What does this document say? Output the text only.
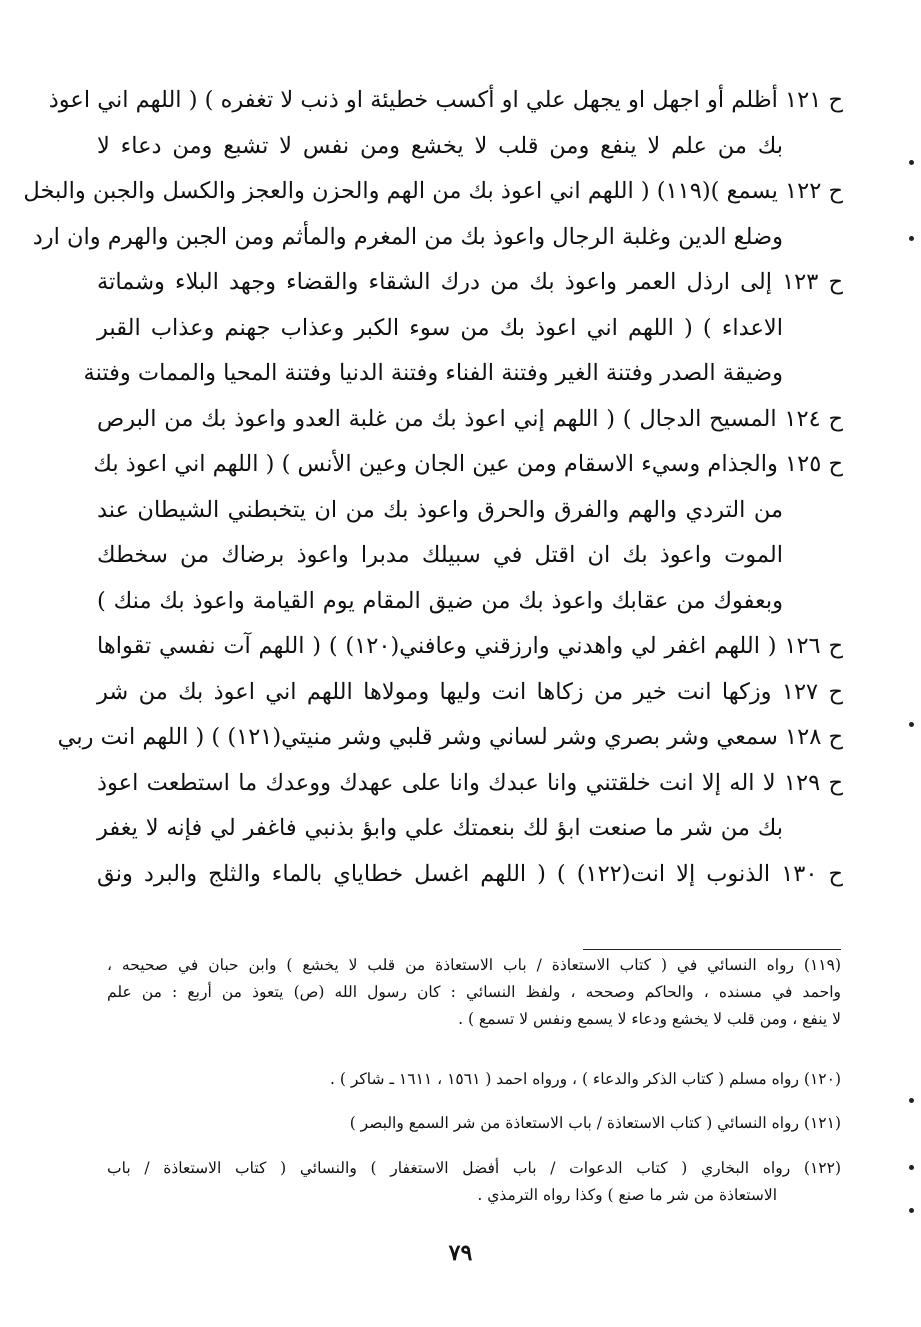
ح ١٢١ أظلم أو اجهل او يجهل علي او أكسب خطيئة او ذنب لا تغفره ) ( اللهم اني اعوذ
بك من علم لا ينفع ومن قلب لا يخشع ومن نفس لا تشبع ومن دعاء لا
ح ١٢٢ يسمع )(١١٩) ( اللهم اني اعوذ بك من الهم والحزن والعجز والكسل والجبن والبخل
وضلع الدين وغلبة الرجال واعوذ بك من المغرم والمأثم ومن الجبن والهرم وان ارد
ح ١٢٣ إلى ارذل العمر واعوذ بك من درك الشقاء والقضاء وجهد البلاء وشماتة
الاعداء ) ( اللهم اني اعوذ بك من سوء الكبر وعذاب جهنم وعذاب القبر
وضيقة الصدر وفتنة الغير وفتنة الفناء وفتنة الدنيا وفتنة المحيا والممات وفتنة
ح ١٢٤ المسيح الدجال ) ( اللهم إني اعوذ بك من غلبة العدو واعوذ بك من البرص
ح ١٢٥ والجذام وسيء الاسقام ومن عين الجان وعين الأنس ) ( اللهم اني اعوذ بك
من التردي والهم والفرق والحرق واعوذ بك من ان يتخبطني الشيطان عند
الموت واعوذ بك ان اقتل في سبيلك مدبرا واعوذ برضاك من سخطك
وبعفوك من عقابك واعوذ بك من ضيق المقام يوم القيامة واعوذ بك منك )
ح ١٢٦ ( اللهم اغفر لي واهدني وارزقني وعافني(١٢٠) ) ( اللهم آت نفسي تقواها
ح ١٢٧ وزكها انت خير من زكاها انت وليها ومولاها اللهم اني اعوذ بك من شر
ح ١٢٨ سمعي وشر بصري وشر لساني وشر قلبي وشر منيتي(١٢١) ) ( اللهم انت ربي
ح ١٢٩ لا اله إلا انت خلقتني وانا عبدك وانا على عهدك ووعدك ما استطعت اعوذ
بك من شر ما صنعت ابؤ لك بنعمتك علي وابؤ بذنبي فاغفر لي فإنه لا يغفر
ح ١٣٠ الذنوب إلا انت(١٢٢) ) ( اللهم اغسل خطاياي بالماء والثلج والبرد ونق
(١١٩) رواه النسائي في ( كتاب الاستعاذة / باب الاستعاذة من قلب لا يخشع ) وابن حبان في صحيحه ،
واحمد في مسنده ، والحاكم وصححه ، ولفظ النسائي : كان رسول الله (ص) يتعوذ من أربع : من علم
لا ينفع ، ومن قلب لا يخشع ودعاء لا يسمع ونفس لا تسمع ) .
(١٢٠) رواه مسلم ( كتاب الذكر والدعاء ) ، ورواه احمد ( ١٥٦١ ، ١٦١١ ـ شاكر ) .
(١٢١) رواه النسائي ( كتاب الاستعاذة / باب الاستعاذة من شر السمع والبصر )
(١٢٢) رواه البخاري ( كتاب الدعوات / باب أفضل الاستغفار ) والنسائي ( كتاب الاستعاذة / باب
الاستعاذة من شر ما صنع ) وكذا رواه الترمذي .
٧٩
